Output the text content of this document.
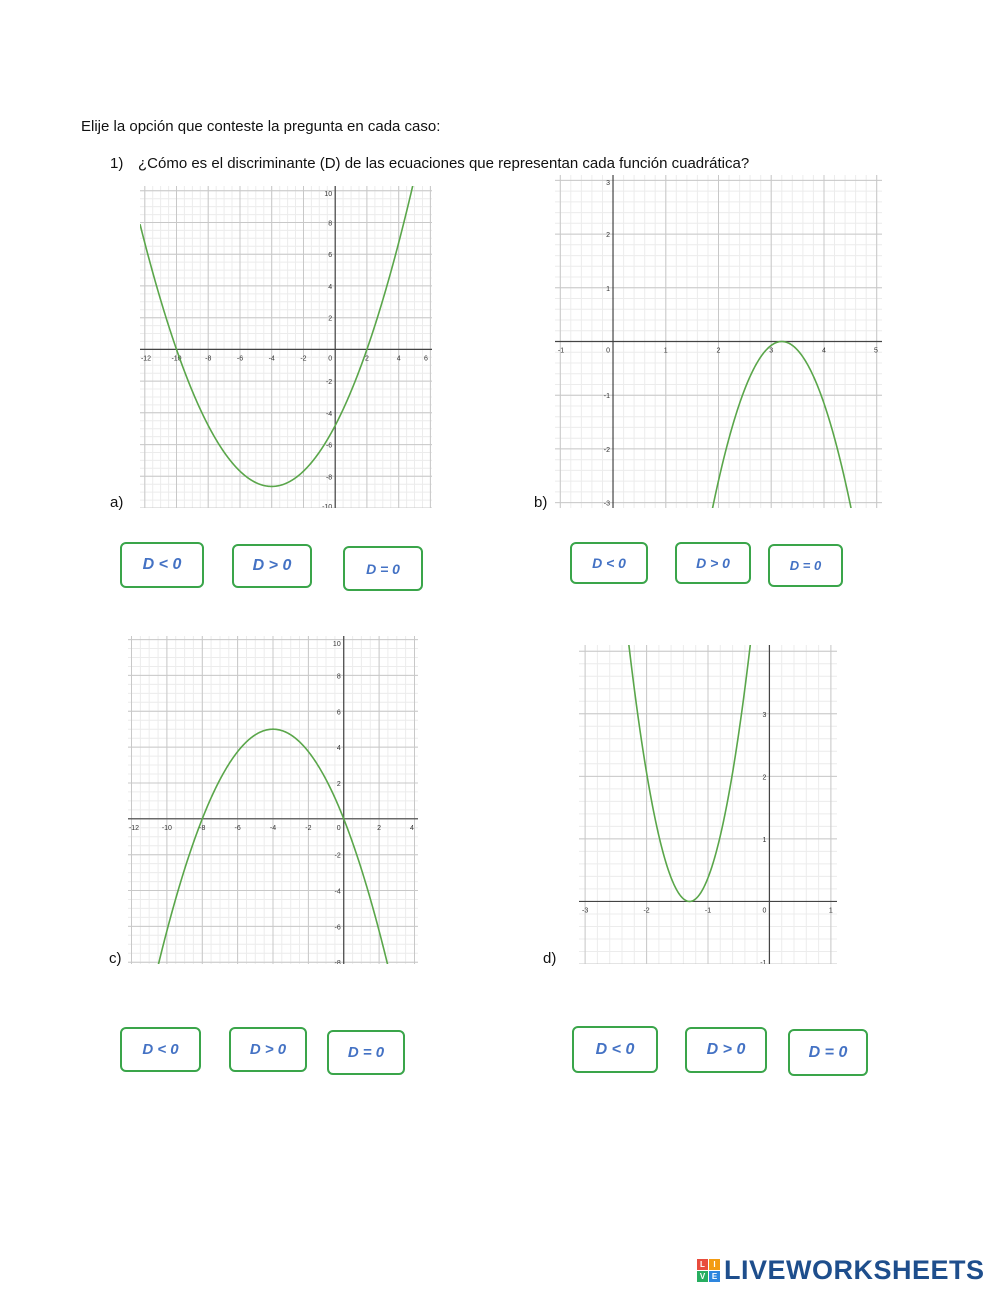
Elije la opción que conteste la pregunta en cada caso:
1) ¿Cómo es el discriminante (D) de las ecuaciones que representan cada función cuadrática?
-12	-10	-8	-6	-4	-2	0	2	4	6
10
8
6
4
2
-2
-4
-6
-8
-10
a)
-1	0	1	2	3	4	5
3
2
1
-1
-2
-3
b)
-12	-10	-8	-6	-4	-2	0	2	4
10
8
6
4
2
-2
-4
-6
-8
c)
-3	-2	-1	0	1
3
2
1
-1
d)
D < 0	D > 0	D = 0	D < 0	D > 0	D = 0
D < 0	D > 0	D = 0	D < 0	D > 0	D = 0
L	I
V E LIVEWORKSHEETS
